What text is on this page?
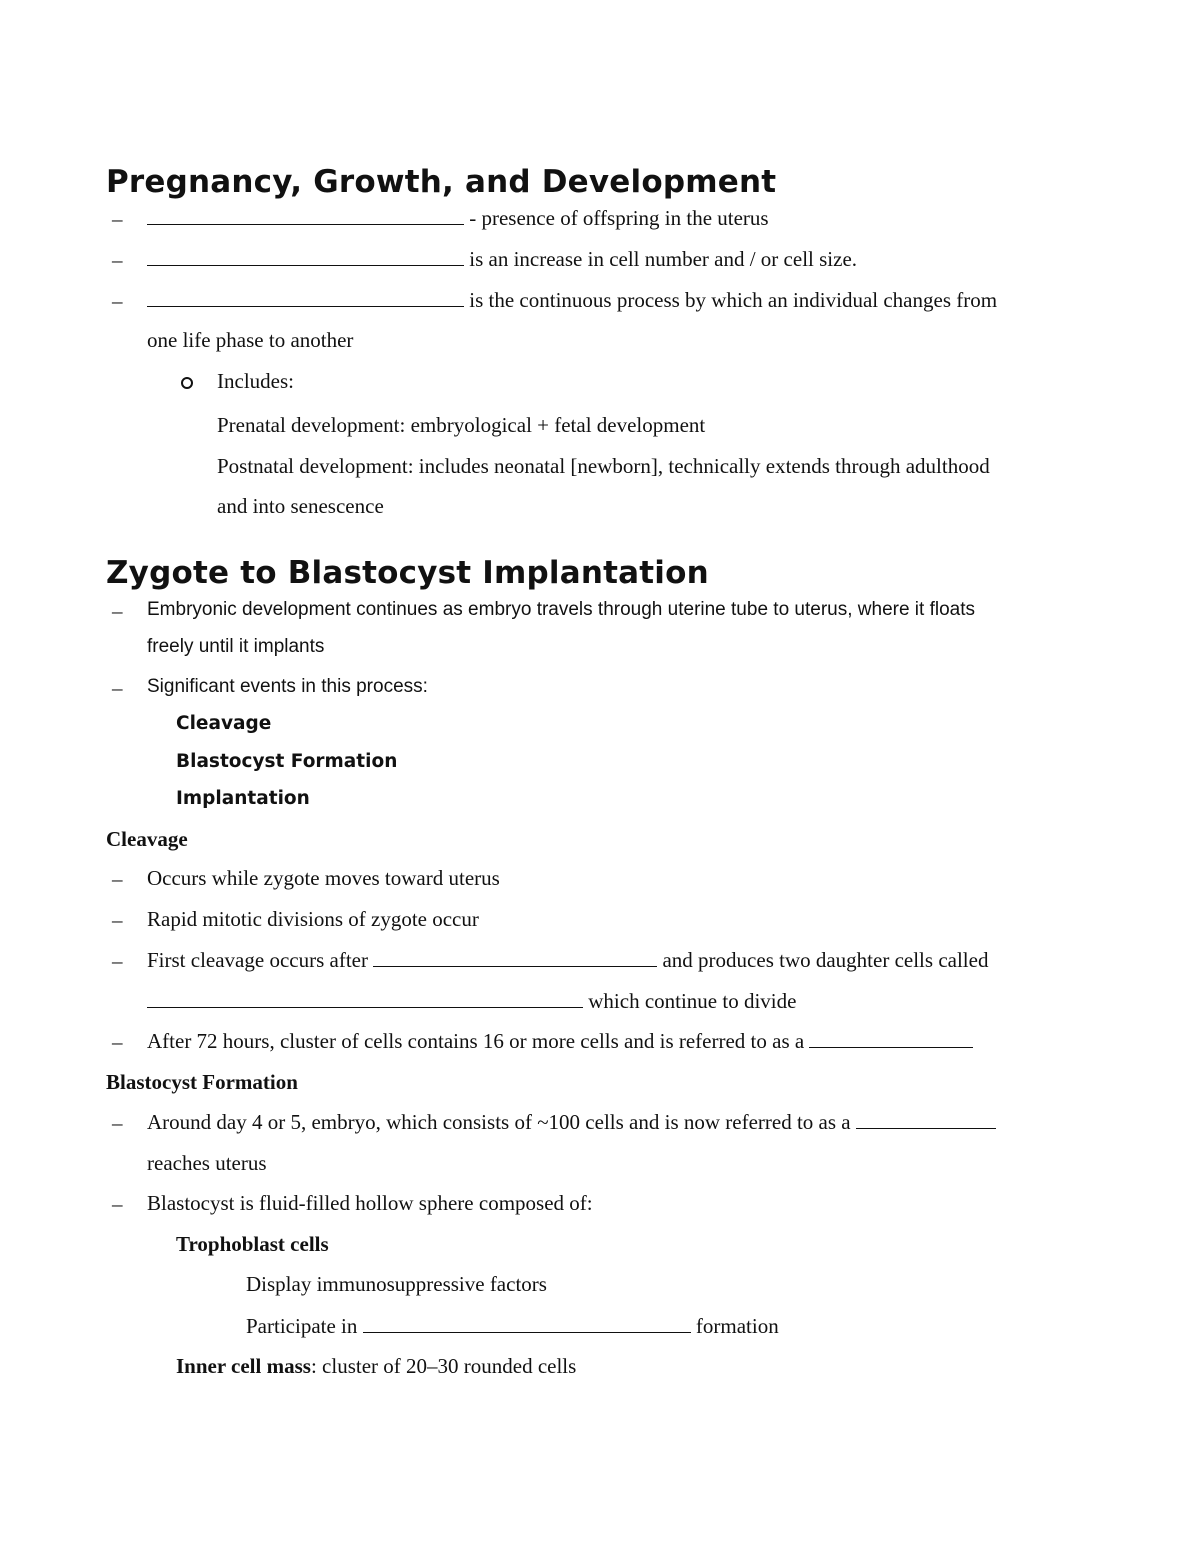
Pregnancy, Growth, and Development
–	- presence of offspring in the uterus
–	is an increase in cell number and / or cell size.
–	is the continuous process by which an individual changes from
one life phase to another
Includes:
Prenatal development: embryological + fetal development
Postnatal development: includes neonatal [newborn], technically extends through adulthood
and into senescence
Zygote to Blastocyst Implantation
– Embryonic development continues as embryo travels through uterine tube to uterus, where it floats
freely until it implants
– Significant events in this process:
Cleavage
Blastocyst Formation
Implantation
Cleavage
– Occurs while zygote moves toward uterus
– Rapid mitotic divisions of zygote occur
– First cleavage occurs after	and produces two daughter cells called
which continue to divide
– After 72 hours, cluster of cells contains 16 or more cells and is referred to as a
Blastocyst Formation
– Around day 4 or 5, embryo, which consists of ~100 cells and is now referred to as a
reaches uterus
– Blastocyst is fluid-filled hollow sphere composed of:
Trophoblast cells
Display immunosuppressive factors
Participate in	formation
Inner cell mass: cluster of 20–30 rounded cells
